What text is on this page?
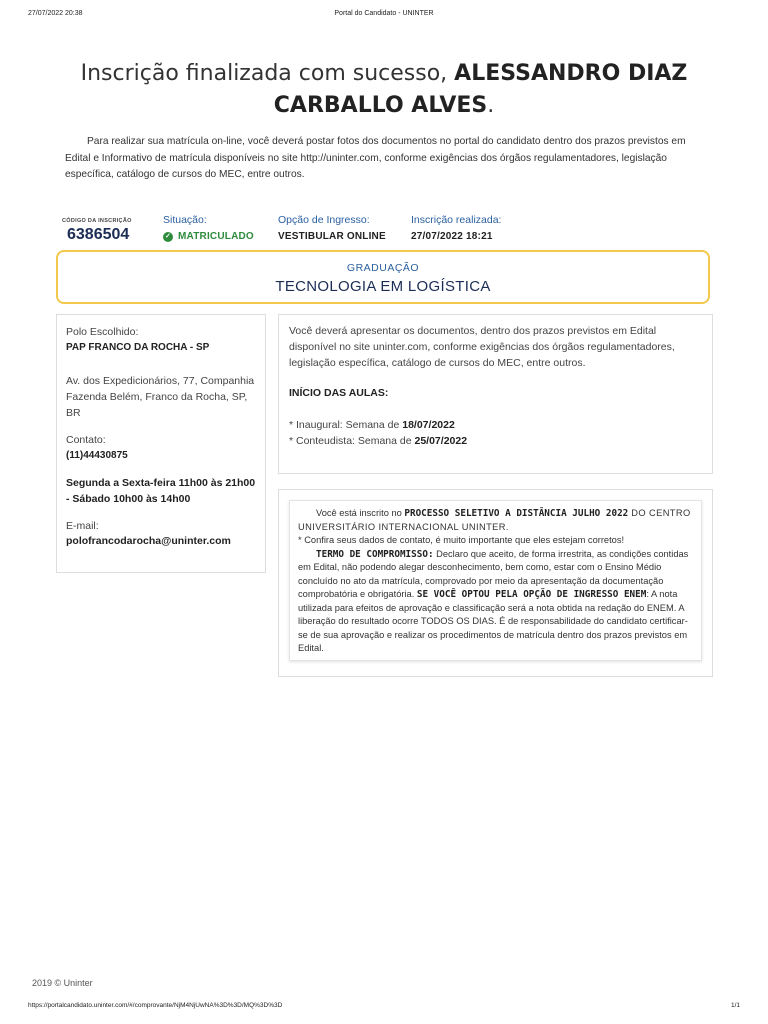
27/07/2022 20:38	Portal do Candidato - UNINTER
Inscrição finalizada com sucesso, ALESSANDRO DIAZ CARBALLO ALVES.

Para realizar sua matrícula on-line, você deverá postar fotos dos documentos no portal do candidato dentro dos prazos previstos em Edital e Informativo de matrícula disponíveis no site http://uninter.com, conforme exigências dos órgãos regulamentadores, legislação específica, catálogo de cursos do MEC, entre outros.

CÓDIGO DA INSCRIÇÃO
6386504
Situação:
✓ MATRICULADO
Opção de Ingresso:
VESTIBULAR ONLINE
Inscrição realizada:
27/07/2022 18:21
GRADUAÇÃO
TECNOLOGIA EM LOGÍSTICA
Polo Escolhido:
PAP FRANCO DA ROCHA - SP
Av. dos Expedicionários, 77, Companhia Fazenda Belém, Franco da Rocha, SP, BR
Contato:
(11)44430875
Segunda a Sexta-feira 11h00 às 21h00 - Sábado 10h00 às 14h00
E-mail:
polofrancodarocha@uninter.com

Você deverá apresentar os documentos, dentro dos prazos previstos em Edital disponível no site uninter.com, conforme exigências dos órgãos regulamentadores, legislação específica, catálogo de cursos do MEC, entre outros.

INÍCIO DAS AULAS:

* Inaugural: Semana de 18/07/2022

* Conteudista: Semana de 25/07/2022

Você está inscrito no PROCESSO SELETIVO A DISTÂNCIA JULHO 2022 DO CENTRO UNIVERSITÁRIO INTERNACIONAL UNINTER.

* Confira seus dados de contato, é muito importante que eles estejam corretos!

TERMO DE COMPROMISSO: Declaro que aceito, de forma irrestrita, as condições contidas em Edital, não podendo alegar desconhecimento, bem como, estar com o Ensino Médio concluído no ato da matrícula, comprovado por meio da apresentação da documentação comprobatória e obrigatória. SE VOCÊ OPTOU PELA OPÇÃO DE INGRESSO ENEM: A nota utilizada para efeitos de aprovação e classificação será a nota obtida na redação do ENEM. A liberação do resultado ocorre TODOS OS DIAS. É de responsabilidade do candidato certificar-se de sua aprovação e realizar os procedimentos de matrícula dentro dos prazos previstos em Edital.

2019 © Uninter
https://portalcandidato.uninter.com/#/comprovante/NjM4NjUwNA%3D%3D/MQ%3D%3D	1/1
